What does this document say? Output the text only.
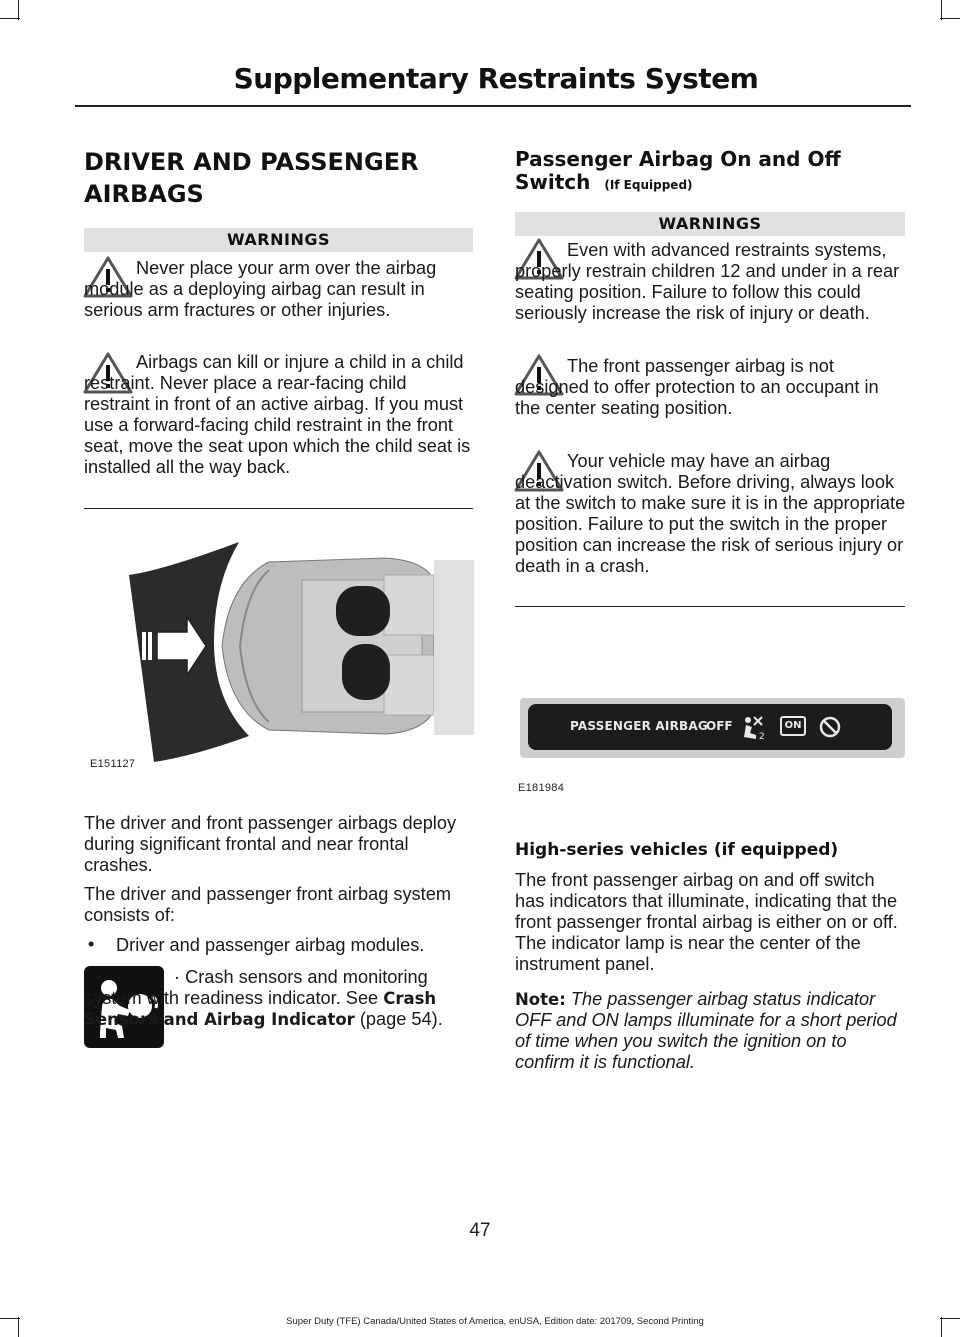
Supplementary Restraints System
DRIVER AND PASSENGER
AIRBAGS
WARNINGS
Never place your arm over the airbag module as a deploying airbag can result in serious arm fractures or other injuries.
Airbags can kill or injure a child in a child restraint. Never place a rear-facing child restraint in front of an active airbag. If you must use a forward-facing child restraint in the front seat, move the seat upon which the child seat is installed all the way back.
E151127
The driver and front passenger airbags deploy during significant frontal and near frontal crashes.
The driver and passenger front airbag system consists of:
• Driver and passenger airbag modules.
· Crash sensors and monitoring system with readiness indicator. See Crash Sensors and Airbag Indicator (page 54).
Passenger Airbag On and Off
Switch (If Equipped)
WARNINGS
Even with advanced restraints systems, properly restrain children 12 and under in a rear seating position. Failure to follow this could seriously increase the risk of injury or death.
The front passenger airbag is not designed to offer protection to an occupant in the center seating position.
Your vehicle may have an airbag deactivation switch. Before driving, always look at the switch to make sure it is in the appropriate position. Failure to put the switch in the proper position can increase the risk of serious injury or death in a crash.
PASSENGER AIRBAG
OFF
2
ON
E181984
High-series vehicles (if equipped)
The front passenger airbag on and off switch has indicators that illuminate, indicating that the front passenger frontal airbag is either on or off. The indicator lamp is near the center of the instrument panel.
Note: The passenger airbag status indicator OFF and ON lamps illuminate for a short period of time when you switch the ignition on to confirm it is functional.
47
Super Duty (TFE) Canada/United States of America, enUSA, Edition date: 201709, Second Printing
